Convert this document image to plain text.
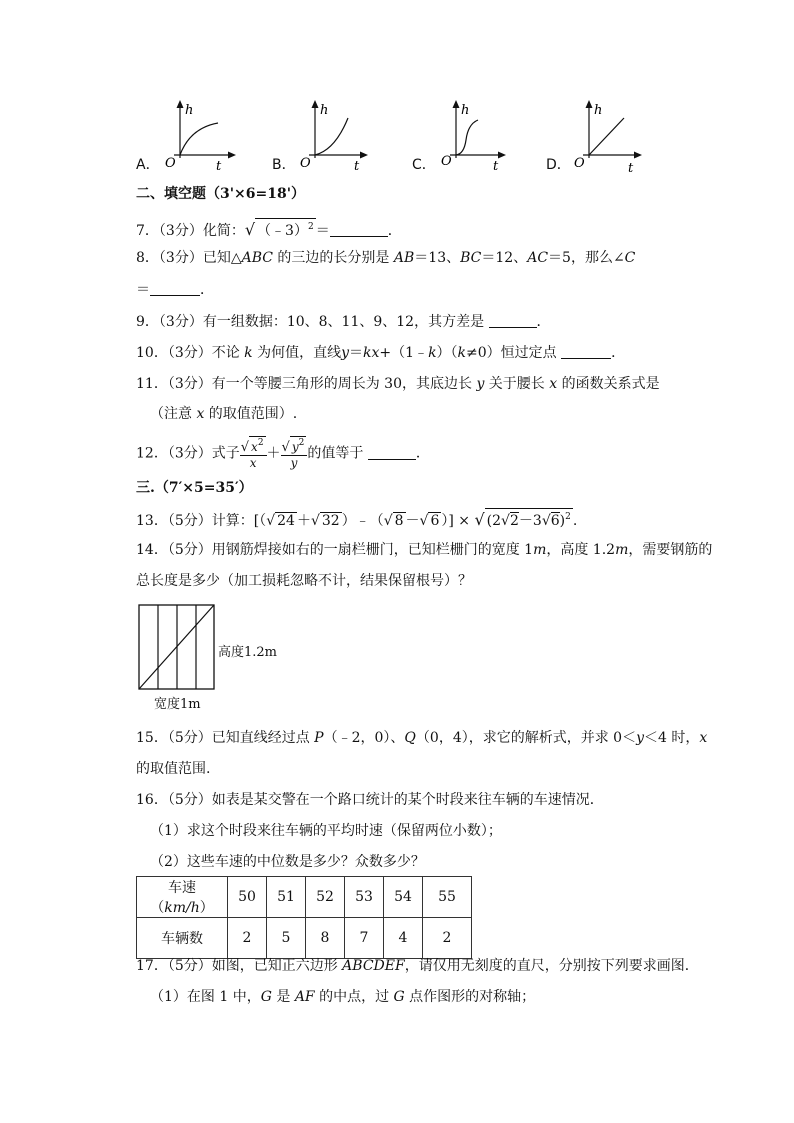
h
O	t
h
O	t
h
O	t
h
O	t
A．	B．	C．	D．
二、填空题（3'×6=18'）
7．（3分）化简：√ （﹣3）$^2$ ＝	．
8．（3分）已知△ABC 的三边的长分别是 AB＝13、BC＝12、AC＝5，那么∠C
＝	．
9．（3分）有一组数据：10、8、11、9、12，其方差是	．
10．（3分）不论 k 为何值，直线y＝kx+（1﹣k）（k≠0）恒过定点	．
11．（3分）有一个等腰三角形的周长为 30，其底边长 y 关于腰长 x 的函数关系式是
（注意 x 的取值范围）.
12．（3分）式子 $\frac{√ x^2}{x} + \frac{√ y^2}{y}$ 的值等于	．
三.（7′×5=35′）
13．（5分）计算：[（√ 24 ＋√ 32 ）﹣（√ 8 －√ 6 ）] × √ $(2√2-3√6)^2$ .
14．（5分）用钢筋焊接如右的一扇栏栅门，已知栏栅门的宽度 1m，高度 1.2m，需要钢筋的
总长度是多少（加工损耗忽略不计，结果保留根号）？
高度1.2m
宽度1m
15．（5分）已知直线经过点 P（﹣2，0）、Q（0，4），求它的解析式，并求 0＜y＜4 时，x
的取值范围.
16．（5分）如表是某交警在一个路口统计的某个时段来往车辆的车速情况．
（1）求这个时段来往车辆的平均时速（保留两位小数）；
（2）这些车速的中位数是多少？众数多少？
车速（km/h）	50	51	52	53	54	55
车辆数	2	5	8	7	4	2
17．（5分）如图，已知正六边形 ABCDEF，请仅用无刻度的直尺，分别按下列要求画图．
（1）在图 1 中，G 是 AF 的中点，过 G 点作图形的对称轴；
